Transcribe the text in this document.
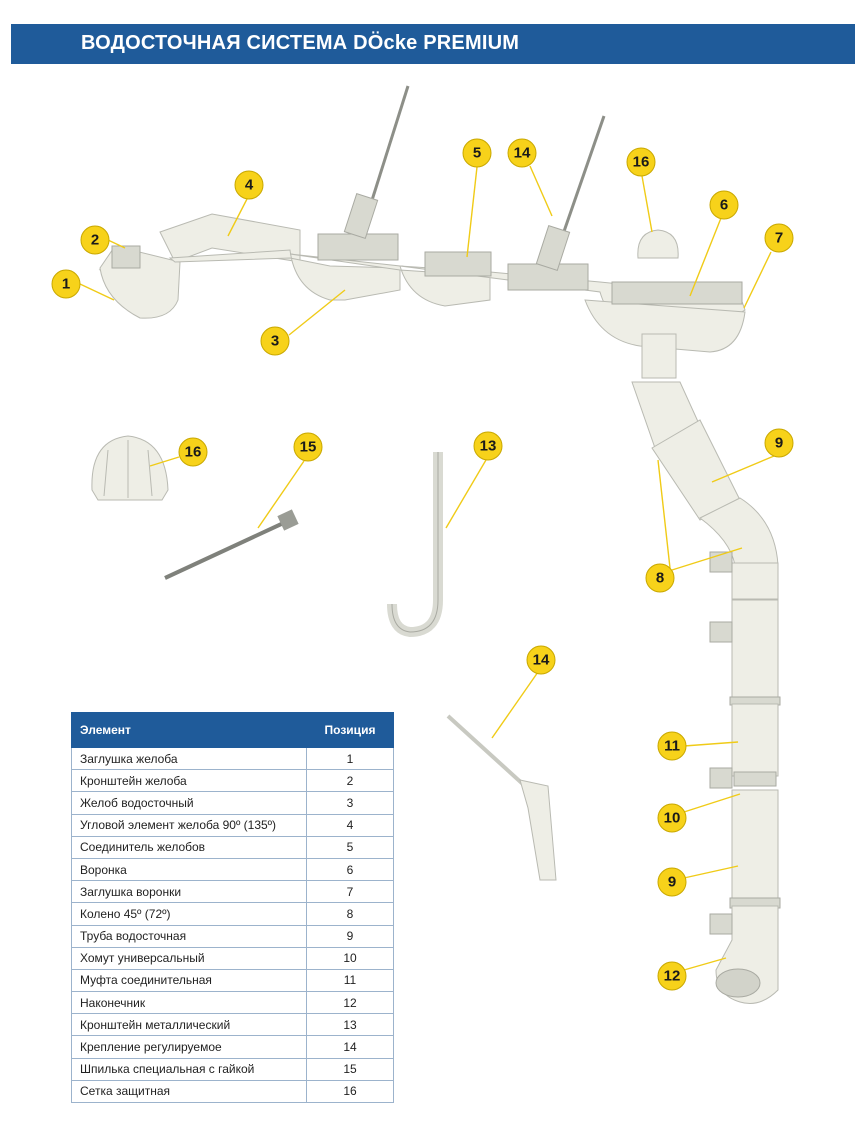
ВОДОСТОЧНАЯ СИСТЕМА DÖcke PREMIUM
1
2
3
4
5 14
16
6
7
16	15	13	9
8
14
11
10
9
12
Элемент	Позиция
Заглушка желоба	1
Кронштейн желоба	2
Желоб водосточный	3
Угловой элемент желоба 90º (135º)	4
Соединитель желобов	5
Воронка	6
Заглушка воронки	7
Колено 45º (72º)	8
Труба водосточная	9
Хомут универсальный	10
Муфта соединительная	11
Наконечник	12
Кронштейн металлический	13
Крепление регулируемое	14
Шпилька специальная с гайкой	15
Сетка защитная	16
